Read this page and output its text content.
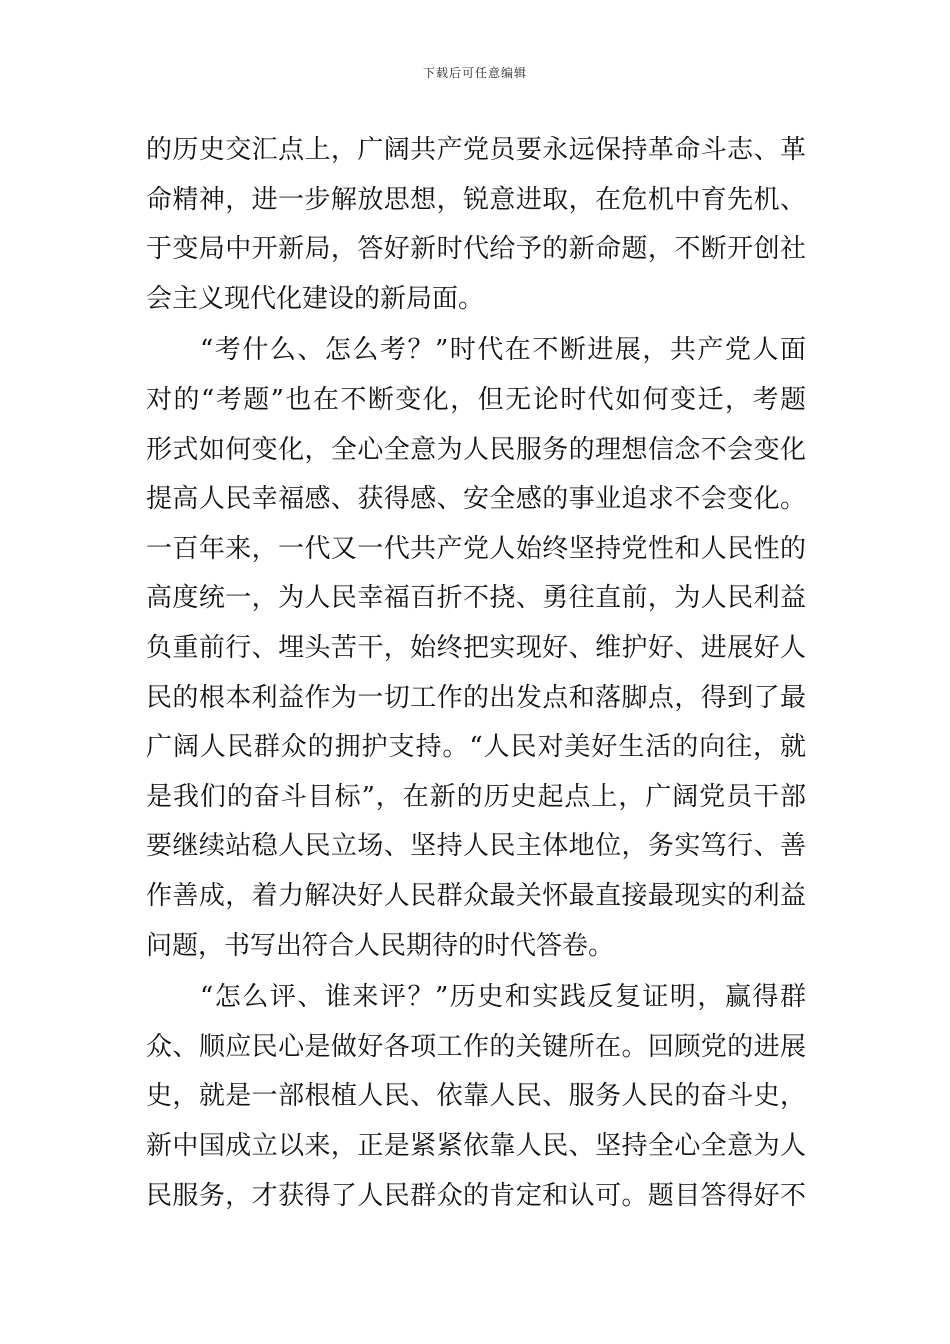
下载后可任意编辑
的历史交汇点上，广阔共产党员要永远保持革命斗志、革
命精神，进一步解放思想，锐意进取，在危机中育先机、
于变局中开新局，答好新时代给予的新命题，不断开创社
会主义现代化建设的新局面。
“考什么、怎么考？”时代在不断进展，共产党人面
对的“考题”也在不断变化，但无论时代如何变迁，考题
形式如何变化，全心全意为人民服务的理想信念不会变化
提高人民幸福感、获得感、安全感的事业追求不会变化。
一百年来，一代又一代共产党人始终坚持党性和人民性的
高度统一，为人民幸福百折不挠、勇往直前，为人民利益
负重前行、埋头苦干，始终把实现好、维护好、进展好人
民的根本利益作为一切工作的出发点和落脚点，得到了最
广阔人民群众的拥护支持。“人民对美好生活的向往，就
是我们的奋斗目标”，在新的历史起点上，广阔党员干部
要继续站稳人民立场、坚持人民主体地位，务实笃行、善
作善成，着力解决好人民群众最关怀最直接最现实的利益
问题，书写出符合人民期待的时代答卷。
“怎么评、谁来评？”历史和实践反复证明，赢得群
众、顺应民心是做好各项工作的关键所在。回顾党的进展
史，就是一部根植人民、依靠人民、服务人民的奋斗史，
新中国成立以来，正是紧紧依靠人民、坚持全心全意为人
民服务，才获得了人民群众的肯定和认可。题目答得好不
